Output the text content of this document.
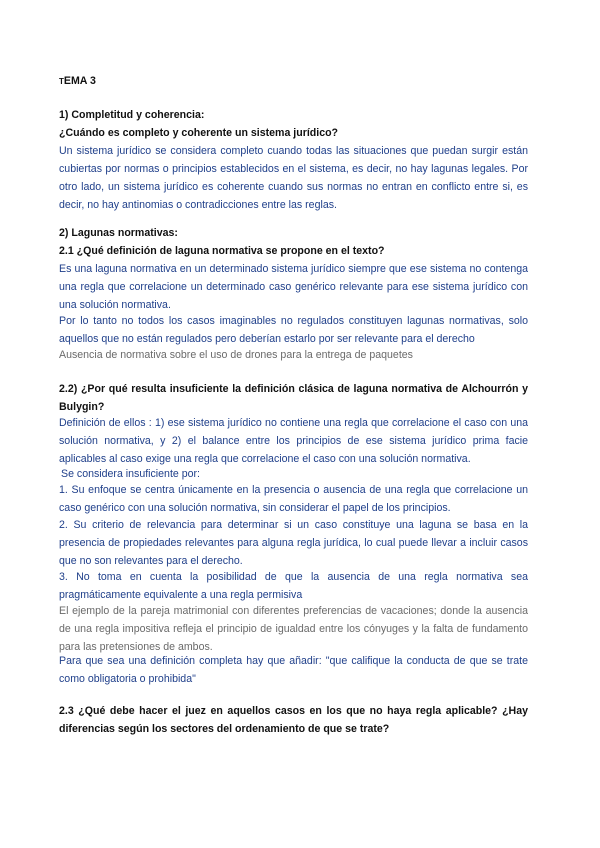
TEMA 3
1) Completitud y coherencia:
¿Cuándo es completo y coherente un sistema jurídico?
Un sistema jurídico se considera completo cuando todas las situaciones que puedan surgir están cubiertas por normas o principios establecidos en el sistema, es decir, no hay lagunas legales. Por otro lado, un sistema jurídico es coherente cuando sus normas no entran en conflicto entre si, es decir, no hay antinomias o contradicciones entre las reglas.
2) Lagunas normativas:
2.1 ¿Qué definición de laguna normativa se propone en el texto?
Es una laguna normativa en un determinado sistema jurídico siempre que ese sistema no contenga una regla que correlacione un determinado caso genérico relevante para ese sistema jurídico con una solución normativa.
Por lo tanto no todos los casos imaginables no regulados constituyen lagunas normativas, solo aquellos que no están regulados pero deberían estarlo por ser relevante para el derecho
Ausencia de normativa sobre el uso de drones para la entrega de paquetes
2.2) ¿Por qué resulta insuficiente la definición clásica de laguna normativa de Alchourrón y Bulygin?
Definición de ellos : 1) ese sistema jurídico no contiene una regla que correlacione el caso con una solución normativa, y 2) el balance entre los principios de ese sistema jurídico prima facie aplicables al caso exige una regla que correlacione el caso con una solución normativa.
Se considera insuficiente por:
1. Su enfoque se centra únicamente en la presencia o ausencia de una regla que correlacione un caso genérico con una solución normativa, sin considerar el papel de los principios.
2. Su criterio de relevancia para determinar si un caso constituye una laguna se basa en la presencia de propiedades relevantes para alguna regla jurídica, lo cual puede llevar a incluir casos que no son relevantes para el derecho.
3. No toma en cuenta la posibilidad de que la ausencia de una regla normativa sea pragmáticamente equivalente a una regla permisiva
El ejemplo de la pareja matrimonial con diferentes preferencias de vacaciones; donde la ausencia de una regla impositiva refleja el principio de igualdad entre los cónyuges y la falta de fundamento para las pretensiones de ambos.
Para que sea una definición completa hay que añadir: "que califique la conducta de que se trate como obligatoria o prohibida"
2.3 ¿Qué debe hacer el juez en aquellos casos en los que no haya regla aplicable? ¿Hay diferencias según los sectores del ordenamiento de que se trate?
